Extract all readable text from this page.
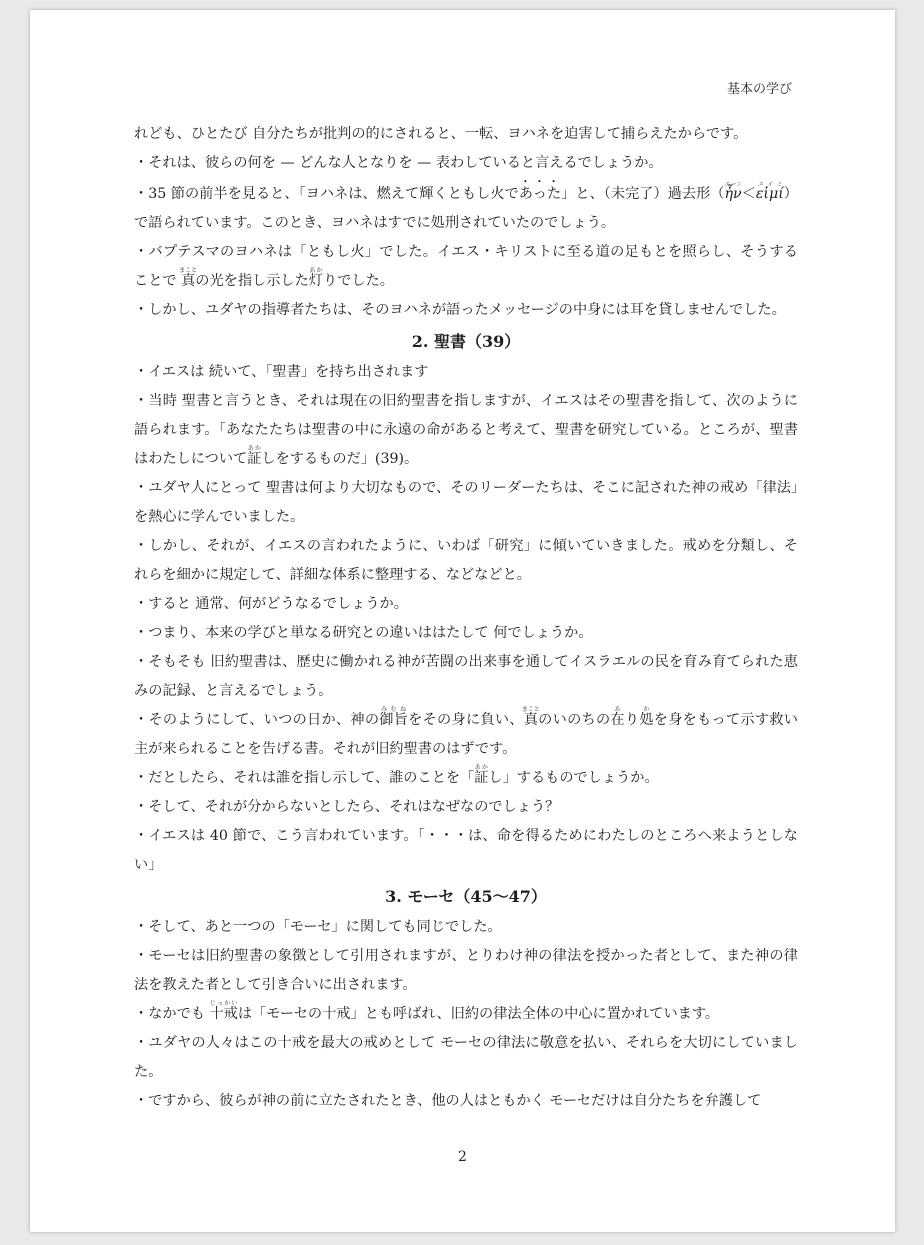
基本の学び

れども、ひとたび 自分たちが批判の的にされると、一転、ヨハネを迫害して捕らえたからです。

・それは、彼らの何を — どんな人となりを — 表わしていると言えるでしょうか。

・35 節の前半を見ると、「ヨハネは、燃えて輝くともし火であった」と、（未完了）過去形（ἦνエーン＜εἰμίエイミ）で語られています。このとき、ヨハネはすでに処刑されていたのでしょう。

・バプテスマのヨハネは「ともし火」でした。イエス・キリストに至る道の足もとを照らし、そうすることで 真まことの光を指し示した灯あかりでした。

・しかし、ユダヤの指導者たちは、そのヨハネが語ったメッセージの中身には耳を貸しませんでした。

2. 聖書（39）

・イエスは 続いて、「聖書」を持ち出されます

・当時 聖書と言うとき、それは現在の旧約聖書を指しますが、イエスはその聖書を指して、次のように語られます。「あなたたちは聖書の中に永遠の命があると考えて、聖書を研究している。ところが、聖書はわたしについて証あかしをするものだ」(39)。

・ユダヤ人にとって 聖書は何より大切なもので、そのリーダーたちは、そこに記された神の戒め「律法」を熱心に学んでいました。

・しかし、それが、イエスの言われたように、いわば「研究」に傾いていきました。戒めを分類し、それらを細かに規定して、詳細な体系に整理する、などなどと。

・すると 通常、何がどうなるでしょうか。

・つまり、本来の学びと単なる研究との違いははたして 何でしょうか。

・そもそも 旧約聖書は、歴史に働かれる神が苦闘の出来事を通してイスラエルの民を育み育てられた恵みの記録、と言えるでしょう。

・そのようにして、いつの日か、神の御旨みむねをその身に負い、真まことのいのちの在あり処かを身をもって示す救い主が来られることを告げる書。それが旧約聖書のはずです。

・だとしたら、それは誰を指し示して、誰のことを「証あかし」するものでしょうか。

・そして、それが分からないとしたら、それはなぜなのでしょう？

・イエスは 40 節で、こう言われています。「・・・は、命を得るためにわたしのところへ来ようとしない」

3. モーセ（45〜47）

・そして、あと一つの「モーセ」に関しても同じでした。

・モーセは旧約聖書の象徴として引用されますが、とりわけ神の律法を授かった者として、また神の律法を教えた者として引き合いに出されます。

・なかでも 十戒じっかいは「モーセの十戒」とも呼ばれ、旧約の律法全体の中心に置かれています。

・ユダヤの人々はこの十戒を最大の戒めとして モーセの律法に敬意を払い、それらを大切にしていました。

・ですから、彼らが神の前に立たされたとき、他の人はともかく モーセだけは自分たちを弁護して

2
